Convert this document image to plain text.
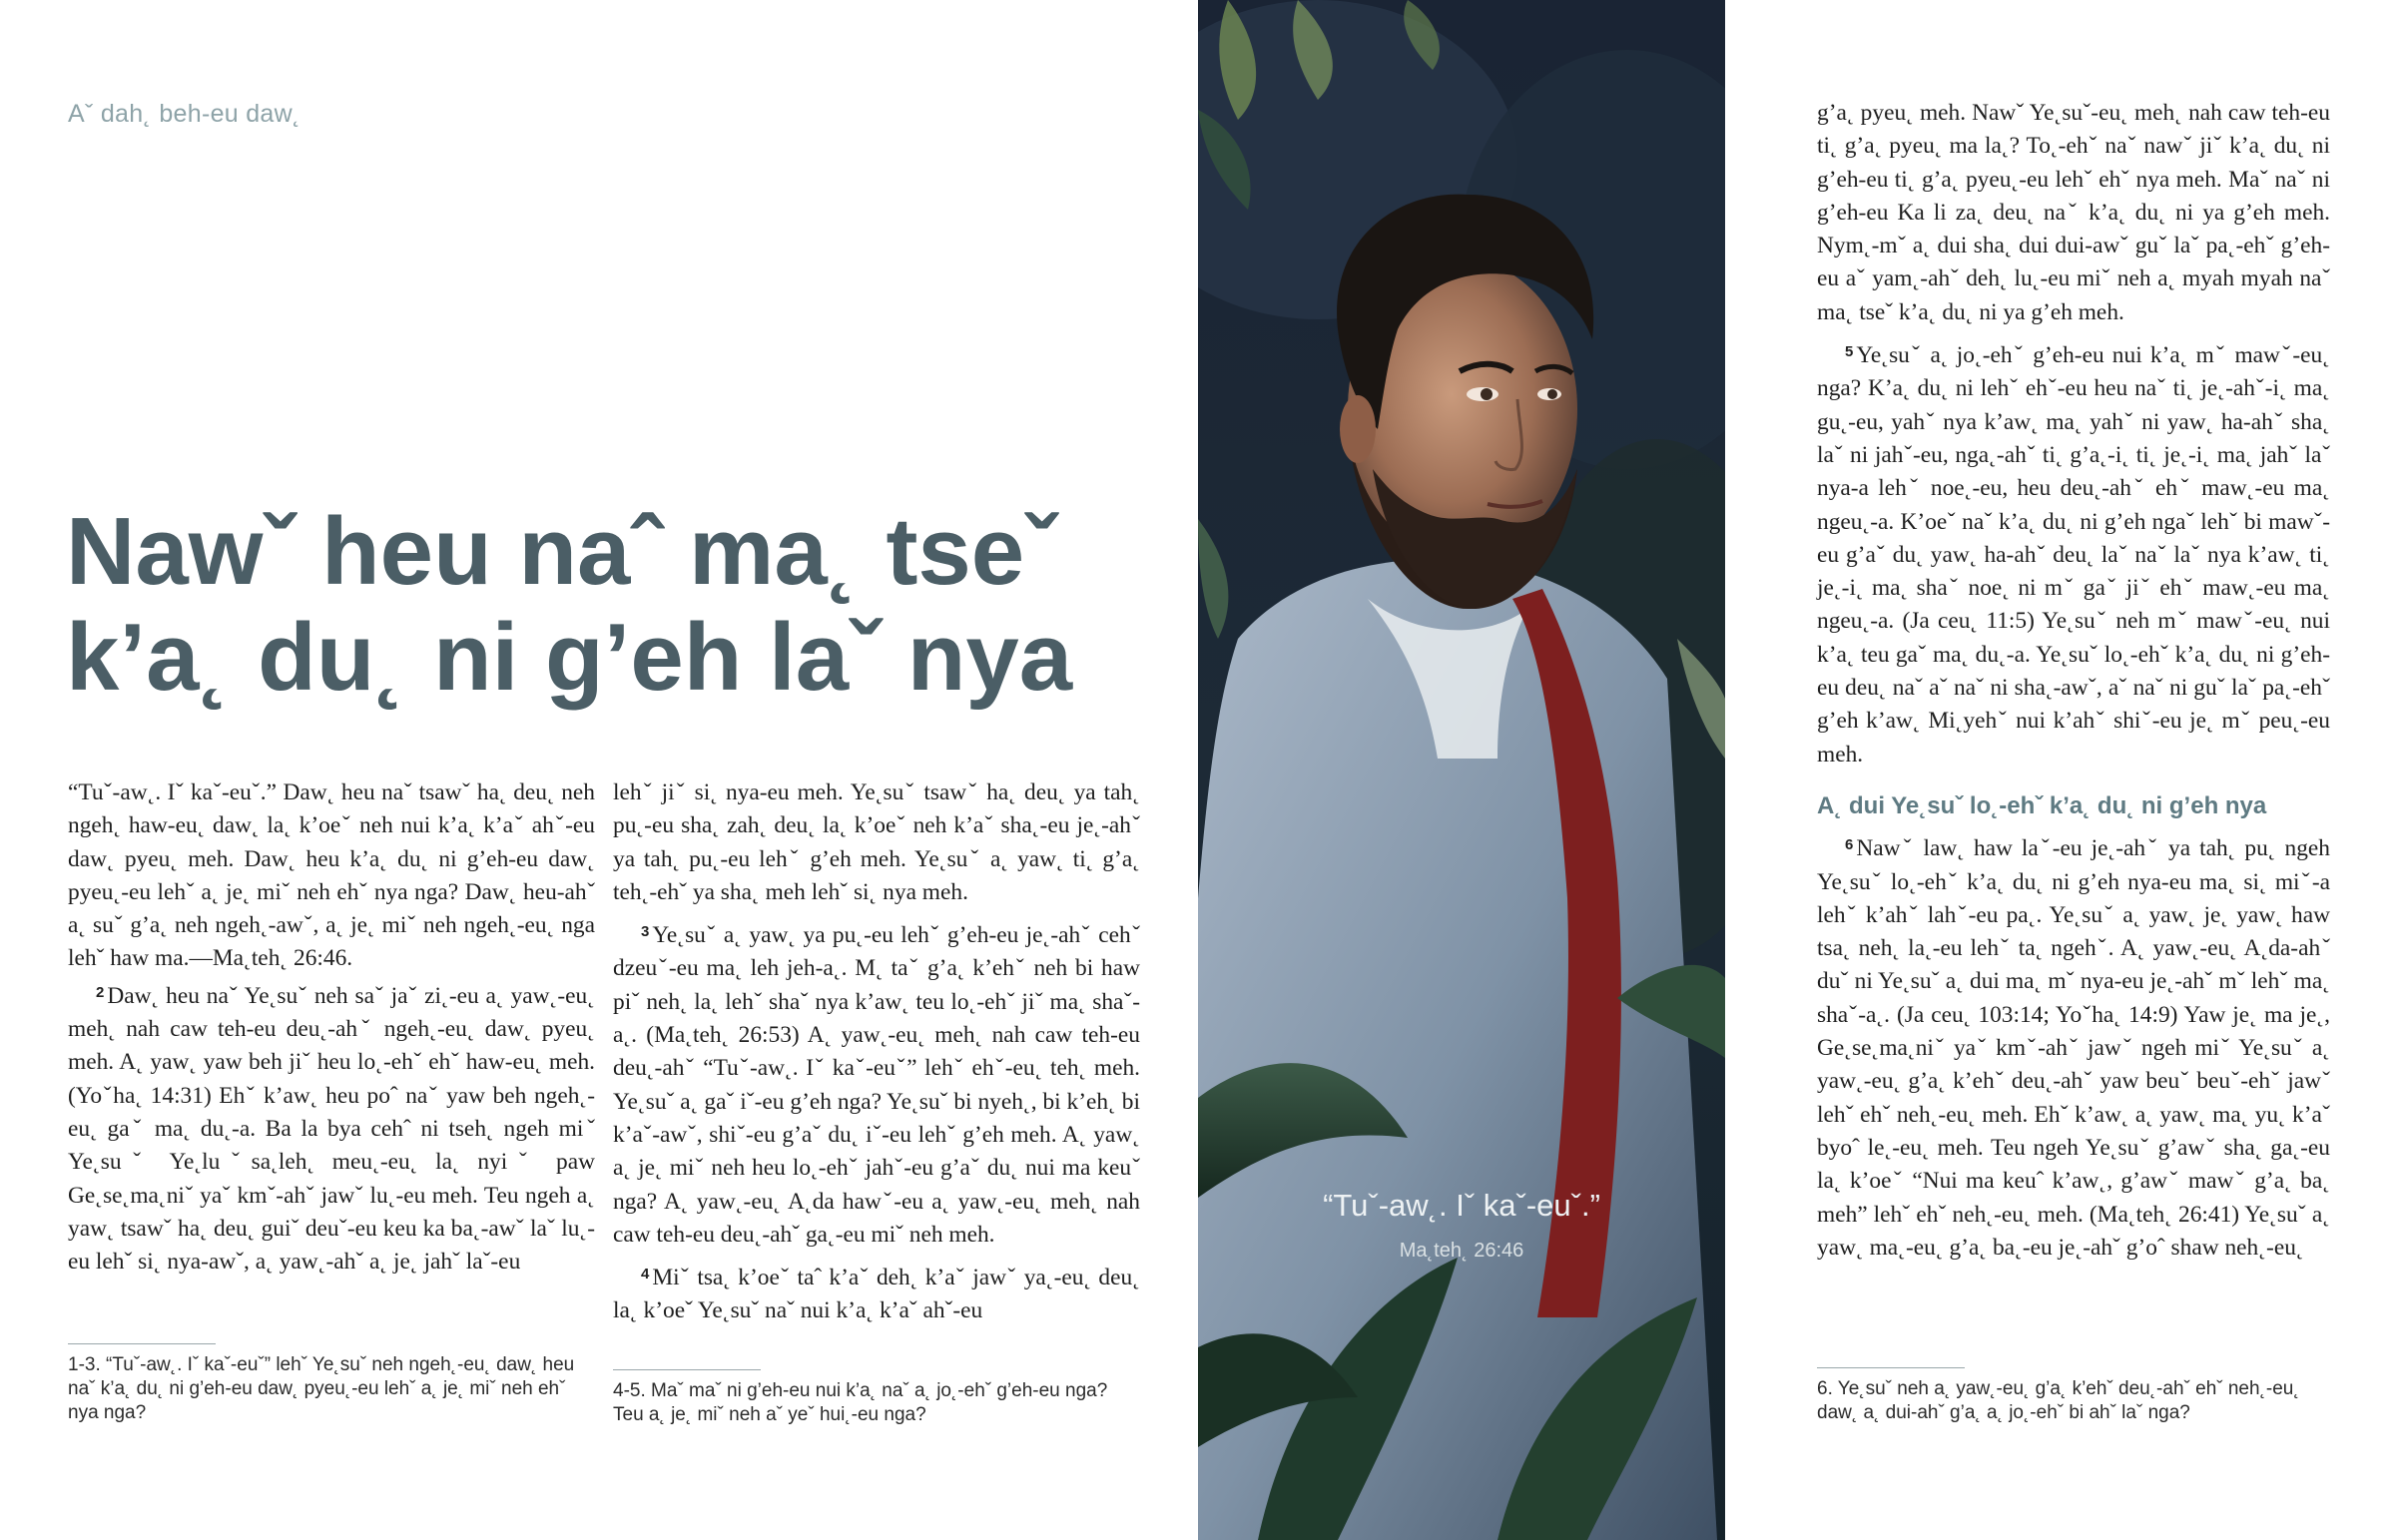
Aˇ dah˛ beh-eu daw˛
Nawˇ heu naˆ ma˛ tseˇ k’a˛ du˛ ni g’eh laˇ nya

“Tuˇ-aw˛. Iˇ kaˇ-euˇ.” Daw˛ heu naˇ tsawˇ ha˛ deu˛ neh ngeh˛ haw-eu˛ daw˛ la˛ k’oeˇ neh nui k’a˛ k’aˇ ahˇ-eu daw˛ pyeu˛ meh. Daw˛ heu k’a˛ du˛ ni g’eh-eu daw˛ pyeu˛-eu lehˇ a˛ je˛ miˇ neh ehˇ nya nga? Daw˛ heu-ahˇ a˛ suˇ g’a˛ neh ngeh˛-awˇ, a˛ je˛ miˇ neh ngeh˛-eu˛ nga lehˇ haw ma.—Ma˛teh˛ 26:46.

$^2$ Daw˛ heu naˇ Ye˛suˇ neh saˇ jaˇ zi˛-eu a˛ yaw˛-eu˛ meh˛ nah caw teh-eu deu˛-ahˇ ngeh˛-eu˛ daw˛ pyeu˛ meh. A˛ yaw˛ yaw beh jiˇ heu lo˛-ehˇ ehˇ haw-eu˛ meh. (Yoˇha˛ 14:31) Ehˇ k’aw˛ heu poˆ naˇ yaw beh ngeh˛-eu˛ gaˇ ma˛ du˛-a. Ba la bya cehˆ ni tseh˛ ngeh miˇ Ye˛suˇ Ye˛luˇsa˛leh˛ meu˛-eu˛ la˛ nyiˇ paw Ge˛se˛ma˛niˇ yaˇ kmˇ-ahˇ jawˇ lu˛-eu meh. Teu ngeh a˛ yaw˛ tsawˇ ha˛ deu˛ guiˇ deuˇ-eu keu ka ba˛-awˇ laˇ lu˛-eu lehˇ si˛ nya-awˇ, a˛ yaw˛-ahˇ a˛ je˛ jahˇ laˇ-eu

1-3. “Tuˇ-aw˛. Iˇ kaˇ-euˇ” lehˇ Ye˛suˇ neh ngeh˛-eu˛ daw˛ heu naˇ k’a˛ du˛ ni g’eh-eu daw˛ pyeu˛-eu lehˇ a˛ je˛ miˇ neh ehˇ nya nga?

lehˇ jiˇ si˛ nya-eu meh. Ye˛suˇ tsawˇ ha˛ deu˛ ya tah˛ pu˛-eu sha˛ zah˛ deu˛ la˛ k’oeˇ neh k’aˇ sha˛-eu je˛-ahˇ ya tah˛ pu˛-eu lehˇ g’eh meh. Ye˛suˇ a˛ yaw˛ ti˛ g’a˛ teh˛-ehˇ ya sha˛ meh lehˇ si˛ nya meh.

$^3$ Ye˛suˇ a˛ yaw˛ ya pu˛-eu lehˇ g’eh-eu je˛-ahˇ cehˇ dzeuˇ-eu ma˛ leh jeh-a˛. M˛ taˇ g’a˛ k’ehˇ neh bi haw piˇ neh˛ la˛ lehˇ shaˇ nya k’aw˛ teu lo˛-ehˇ jiˇ ma˛ shaˇ-a˛. (Ma˛teh˛ 26:53) A˛ yaw˛-eu˛ meh˛ nah caw teh-eu deu˛-ahˇ “Tuˇ-aw˛. Iˇ kaˇ-euˇ” lehˇ ehˇ-eu˛ teh˛ meh. Ye˛suˇ a˛ gaˇ iˇ-eu g’eh nga? Ye˛suˇ bi nyeh˛, bi k’eh˛ bi k’aˇ-awˇ, shiˇ-eu g’aˇ du˛ iˇ-eu lehˇ g’eh meh. A˛ yaw˛ a˛ je˛ miˇ neh heu lo˛-ehˇ jahˇ-eu g’aˇ du˛ nui ma keuˇ nga? A˛ yaw˛-eu˛ A˛da hawˇ-eu a˛ yaw˛-eu˛ meh˛ nah caw teh-eu deu˛-ahˇ ga˛-eu miˇ neh meh.

$^4$ Miˇ tsa˛ k’oeˇ taˆ k’aˇ deh˛ k’aˇ jawˇ ya˛-eu˛ deu˛ la˛ k’oeˇ Ye˛suˇ naˇ nui k’a˛ k’aˇ ahˇ-eu

4-5. Maˇ maˇ ni g’eh-eu nui k’a˛ naˇ a˛ jo˛-ehˇ g’eh-eu nga? Teu a˛ je˛ miˇ neh aˇ yeˇ hui˛-eu nga?
“Tuˇ-aw˛. Iˇ kaˇ-euˇ.”
Ma˛teh˛ 26:46

g’a˛ pyeu˛ meh. Nawˇ Ye˛suˇ-eu˛ meh˛ nah caw teh-eu ti˛ g’a˛ pyeu˛ ma la˛? To˛-ehˇ naˇ nawˇ jiˇ k’a˛ du˛ ni g’eh-eu ti˛ g’a˛ pyeu˛-eu lehˇ ehˇ nya meh. Maˇ naˇ ni g’eh-eu Ka li za˛ deu˛ naˇ k’a˛ du˛ ni ya g’eh meh. Nym˛-mˇ a˛ dui sha˛ dui dui-awˇ guˇ laˇ pa˛-ehˇ g’eh-eu aˇ yam˛-ahˇ deh˛ lu˛-eu miˇ neh a˛ myah myah naˇ ma˛ tseˇ k’a˛ du˛ ni ya g’eh meh.

$^5$ Ye˛suˇ a˛ jo˛-ehˇ g’eh-eu nui k’a˛ mˇ mawˇ-eu˛ nga? K’a˛ du˛ ni lehˇ ehˇ-eu heu naˇ ti˛ je˛-ahˇ-i˛ ma˛ gu˛-eu, yahˇ nya k’aw˛ ma˛ yahˇ ni yaw˛ ha-ahˇ sha˛ laˇ ni jahˇ-eu, nga˛-ahˇ ti˛ g’a˛-i˛ ti˛ je˛-i˛ ma˛ jahˇ laˇ nya-a lehˇ noe˛-eu, heu deu˛-ahˇ ehˇ maw˛-eu ma˛ ngeu˛-a. K’oeˇ naˇ k’a˛ du˛ ni g’eh ngaˇ lehˇ bi mawˇ-eu g’aˇ du˛ yaw˛ ha-ahˇ deu˛ laˇ naˇ laˇ nya k’aw˛ ti˛ je˛-i˛ ma˛ shaˇ noe˛ ni mˇ gaˇ jiˇ ehˇ maw˛-eu ma˛ ngeu˛-a. (Ja ceu˛ 11:5) Ye˛suˇ neh mˇ mawˇ-eu˛ nui k’a˛ teu gaˇ ma˛ du˛-a. Ye˛suˇ lo˛-ehˇ k’a˛ du˛ ni g’eh-eu deu˛ naˇ aˇ naˇ ni sha˛-awˇ, aˇ naˇ ni guˇ laˇ pa˛-ehˇ g’eh k’aw˛ Mi˛yehˇ nui k’ahˇ shiˇ-eu je˛ mˇ peu˛-eu meh.

A˛ dui Ye˛suˇ lo˛-ehˇ k’a˛ du˛ ni g’eh nya

$^6$ Nawˇ law˛ haw laˇ-eu je˛-ahˇ ya tah˛ pu˛ ngeh Ye˛suˇ lo˛-ehˇ k’a˛ du˛ ni g’eh nya-eu ma˛ si˛ miˇ-a lehˇ k’ahˇ lahˇ-eu pa˛. Ye˛suˇ a˛ yaw˛ je˛ yaw˛ haw tsa˛ neh˛ la˛-eu lehˇ ta˛ ngehˇ. A˛ yaw˛-eu˛ A˛da-ahˇ duˇ ni Ye˛suˇ a˛ dui ma˛ mˇ nya-eu je˛-ahˇ mˇ lehˇ ma˛ shaˇ-a˛. (Ja ceu˛ 103:14; Yoˇha˛ 14:9) Yaw je˛ ma je˛, Ge˛se˛ma˛niˇ yaˇ kmˇ-ahˇ jawˇ ngeh miˇ Ye˛suˇ a˛ yaw˛-eu˛ g’a˛ k’ehˇ deu˛-ahˇ yaw beuˇ beuˇ-ehˇ jawˇ lehˇ ehˇ neh˛-eu˛ meh. Ehˇ k’aw˛ a˛ yaw˛ ma˛ yu˛ k’aˇ byoˆ le˛-eu˛ meh. Teu ngeh Ye˛suˇ g’awˇ sha˛ ga˛-eu la˛ k’oeˇ “Nui ma keuˆ k’aw˛, g’awˇ mawˇ g’a˛ ba˛ meh” lehˇ ehˇ neh˛-eu˛ meh. (Ma˛teh˛ 26:41) Ye˛suˇ a˛ yaw˛ ma˛-eu˛ g’a˛ ba˛-eu je˛-ahˇ g’oˆ shaw neh˛-eu˛

6. Ye˛suˇ neh a˛ yaw˛-eu˛ g’a˛ k’ehˇ deu˛-ahˇ ehˇ neh˛-eu˛ daw˛ a˛ dui-ahˇ g’a˛ a˛ jo˛-ehˇ bi ahˇ laˇ nga?
